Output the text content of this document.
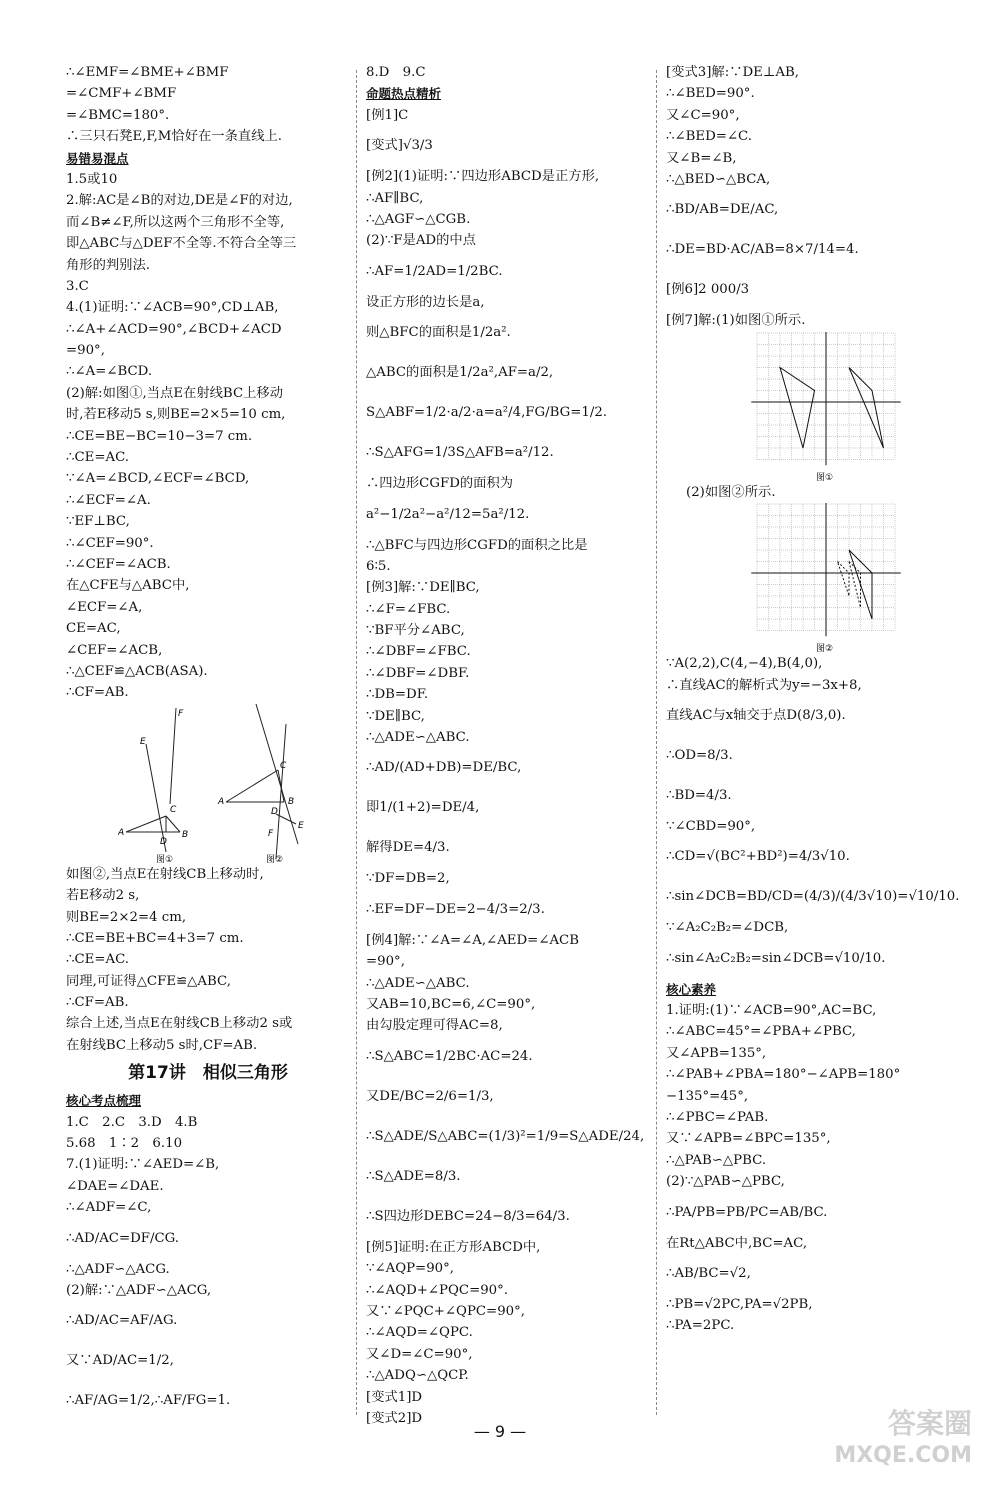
∴∠EMF=∠BME+∠BMF
=∠CMF+∠BMF
=∠BMC=180°.
∴三只石凳E,F,M恰好在一条直线上.
易错易混点
1.5或10
2.解:AC是∠B的对边,DE是∠F的对边,
而∠B≠∠F,所以这两个三角形不全等,
即△ABC与△DEF不全等.不符合全等三
角形的判别法.
3.C
4.(1)证明:∵∠ACB=90°,CD⊥AB,
∴∠A+∠ACD=90°,∠BCD+∠ACD
=90°,
∴∠A=∠BCD.
(2)解:如图①,当点E在射线BC上移动
时,若E移动5 s,则BE=2×5=10 cm,
∴CE=BE−BC=10−3=7 cm.
∴CE=AC.
∵∠A=∠BCD,∠ECF=∠BCD,
∴∠ECF=∠A.
∵EF⊥BC,
∴∠CEF=90°.
∴∠CEF=∠ACB.
在△CFE与△ABC中,
∠ECF=∠A,
CE=AC,
∠CEF=∠ACB,
∴△CEF≌△ACB(ASA).
∴CF=AB.
E
F
C
A
D
B
图①
A
C
D
B
E
F
图②
如图②,当点E在射线CB上移动时,
若E移动2 s,
则BE=2×2=4 cm,
∴CE=BE+BC=4+3=7 cm.
∴CE=AC.
同理,可证得△CFE≌△ABC,
∴CF=AB.
综合上述,当点E在射线CB上移动2 s或
在射线BC上移动5 s时,CF=AB.
第17讲　相似三角形
核心考点梳理
1.C　2.C　3.D　4.B
5.68　1∶2　6.10
7.(1)证明:∵∠AED=∠B,
∠DAE=∠DAE.
∴∠ADF=∠C,
∴AD/AC=DF/CG.
∴△ADF∽△ACG.
(2)解:∵△ADF∽△ACG,
∴AD/AC=AF/AG.
又∵AD/AC=1/2,
∴AF/AG=1/2,∴AF/FG=1.
8.D　9.C
命题热点精析
[例1]C
[变式]√3/3
[例2](1)证明:∵四边形ABCD是正方形,
∴AF∥BC,
∴△AGF∽△CGB.
(2)∵F是AD的中点
∴AF=1/2AD=1/2BC.
设正方形的边长是a,
则△BFC的面积是1/2a².
△ABC的面积是1/2a²,AF=a/2,
S△ABF=1/2·a/2·a=a²/4,FG/BG=1/2.
∴S△AFG=1/3S△AFB=a²/12.
∴四边形CGFD的面积为
a²−1/2a²−a²/12=5a²/12.
∴△BFC与四边形CGFD的面积之比是
6∶5.
[例3]解:∵DE∥BC,
∴∠F=∠FBC.
∵BF平分∠ABC,
∴∠DBF=∠FBC.
∴∠DBF=∠DBF.
∴DB=DF.
∵DE∥BC,
∴△ADE∽△ABC.
∴AD/(AD+DB)=DE/BC,
即1/(1+2)=DE/4,
解得DE=4/3.
∵DF=DB=2,
∴EF=DF−DE=2−4/3=2/3.
[例4]解:∵∠A=∠A,∠AED=∠ACB
=90°,
∴△ADE∽△ABC.
又AB=10,BC=6,∠C=90°,
由勾股定理可得AC=8,
∴S△ABC=1/2BC·AC=24.
又DE/BC=2/6=1/3,
∴S△ADE/S△ABC=(1/3)²=1/9=S△ADE/24,
∴S△ADE=8/3.
∴S四边形DEBC=24−8/3=64/3.
[例5]证明:在正方形ABCD中,
∵∠AQP=90°,
∴∠AQD+∠PQC=90°.
又∵∠PQC+∠QPC=90°,
∴∠AQD=∠QPC.
又∠D=∠C=90°,
∴△ADQ∽△QCP.
[变式1]D
[变式2]D
[变式3]解:∵DE⊥AB,
∴∠BED=90°.
又∠C=90°,
∴∠BED=∠C.
又∠B=∠B,
∴△BED∽△BCA,
∴BD/AB=DE/AC,
∴DE=BD·AC/AB=8×7/14=4.
[例6]2 000/3
[例7]解:(1)如图①所示.
图①
(2)如图②所示.
图②
∵A(2,2),C(4,−4),B(4,0),
∴直线AC的解析式为y=−3x+8,
直线AC与x轴交于点D(8/3,0).
∴OD=8/3.
∴BD=4/3.
∵∠CBD=90°,
∴CD=√(BC²+BD²)=4/3√10.
∴sin∠DCB=BD/CD=(4/3)/(4/3√10)=√10/10.
∵∠A₂C₂B₂=∠DCB,
∴sin∠A₂C₂B₂=sin∠DCB=√10/10.
核心素养
1.证明:(1)∵∠ACB=90°,AC=BC,
∴∠ABC=45°=∠PBA+∠PBC,
又∠APB=135°,
∴∠PAB+∠PBA=180°−∠APB=180°
−135°=45°,
∴∠PBC=∠PAB.
又∵∠APB=∠BPC=135°,
∴△PAB∽△PBC.
(2)∵△PAB∽△PBC,
∴PA/PB=PB/PC=AB/BC.
在Rt△ABC中,BC=AC,
∴AB/BC=√2,
∴PB=√2PC,PA=√2PB,
∴PA=2PC.
— 9 —	答案圈
MXQE.COM
